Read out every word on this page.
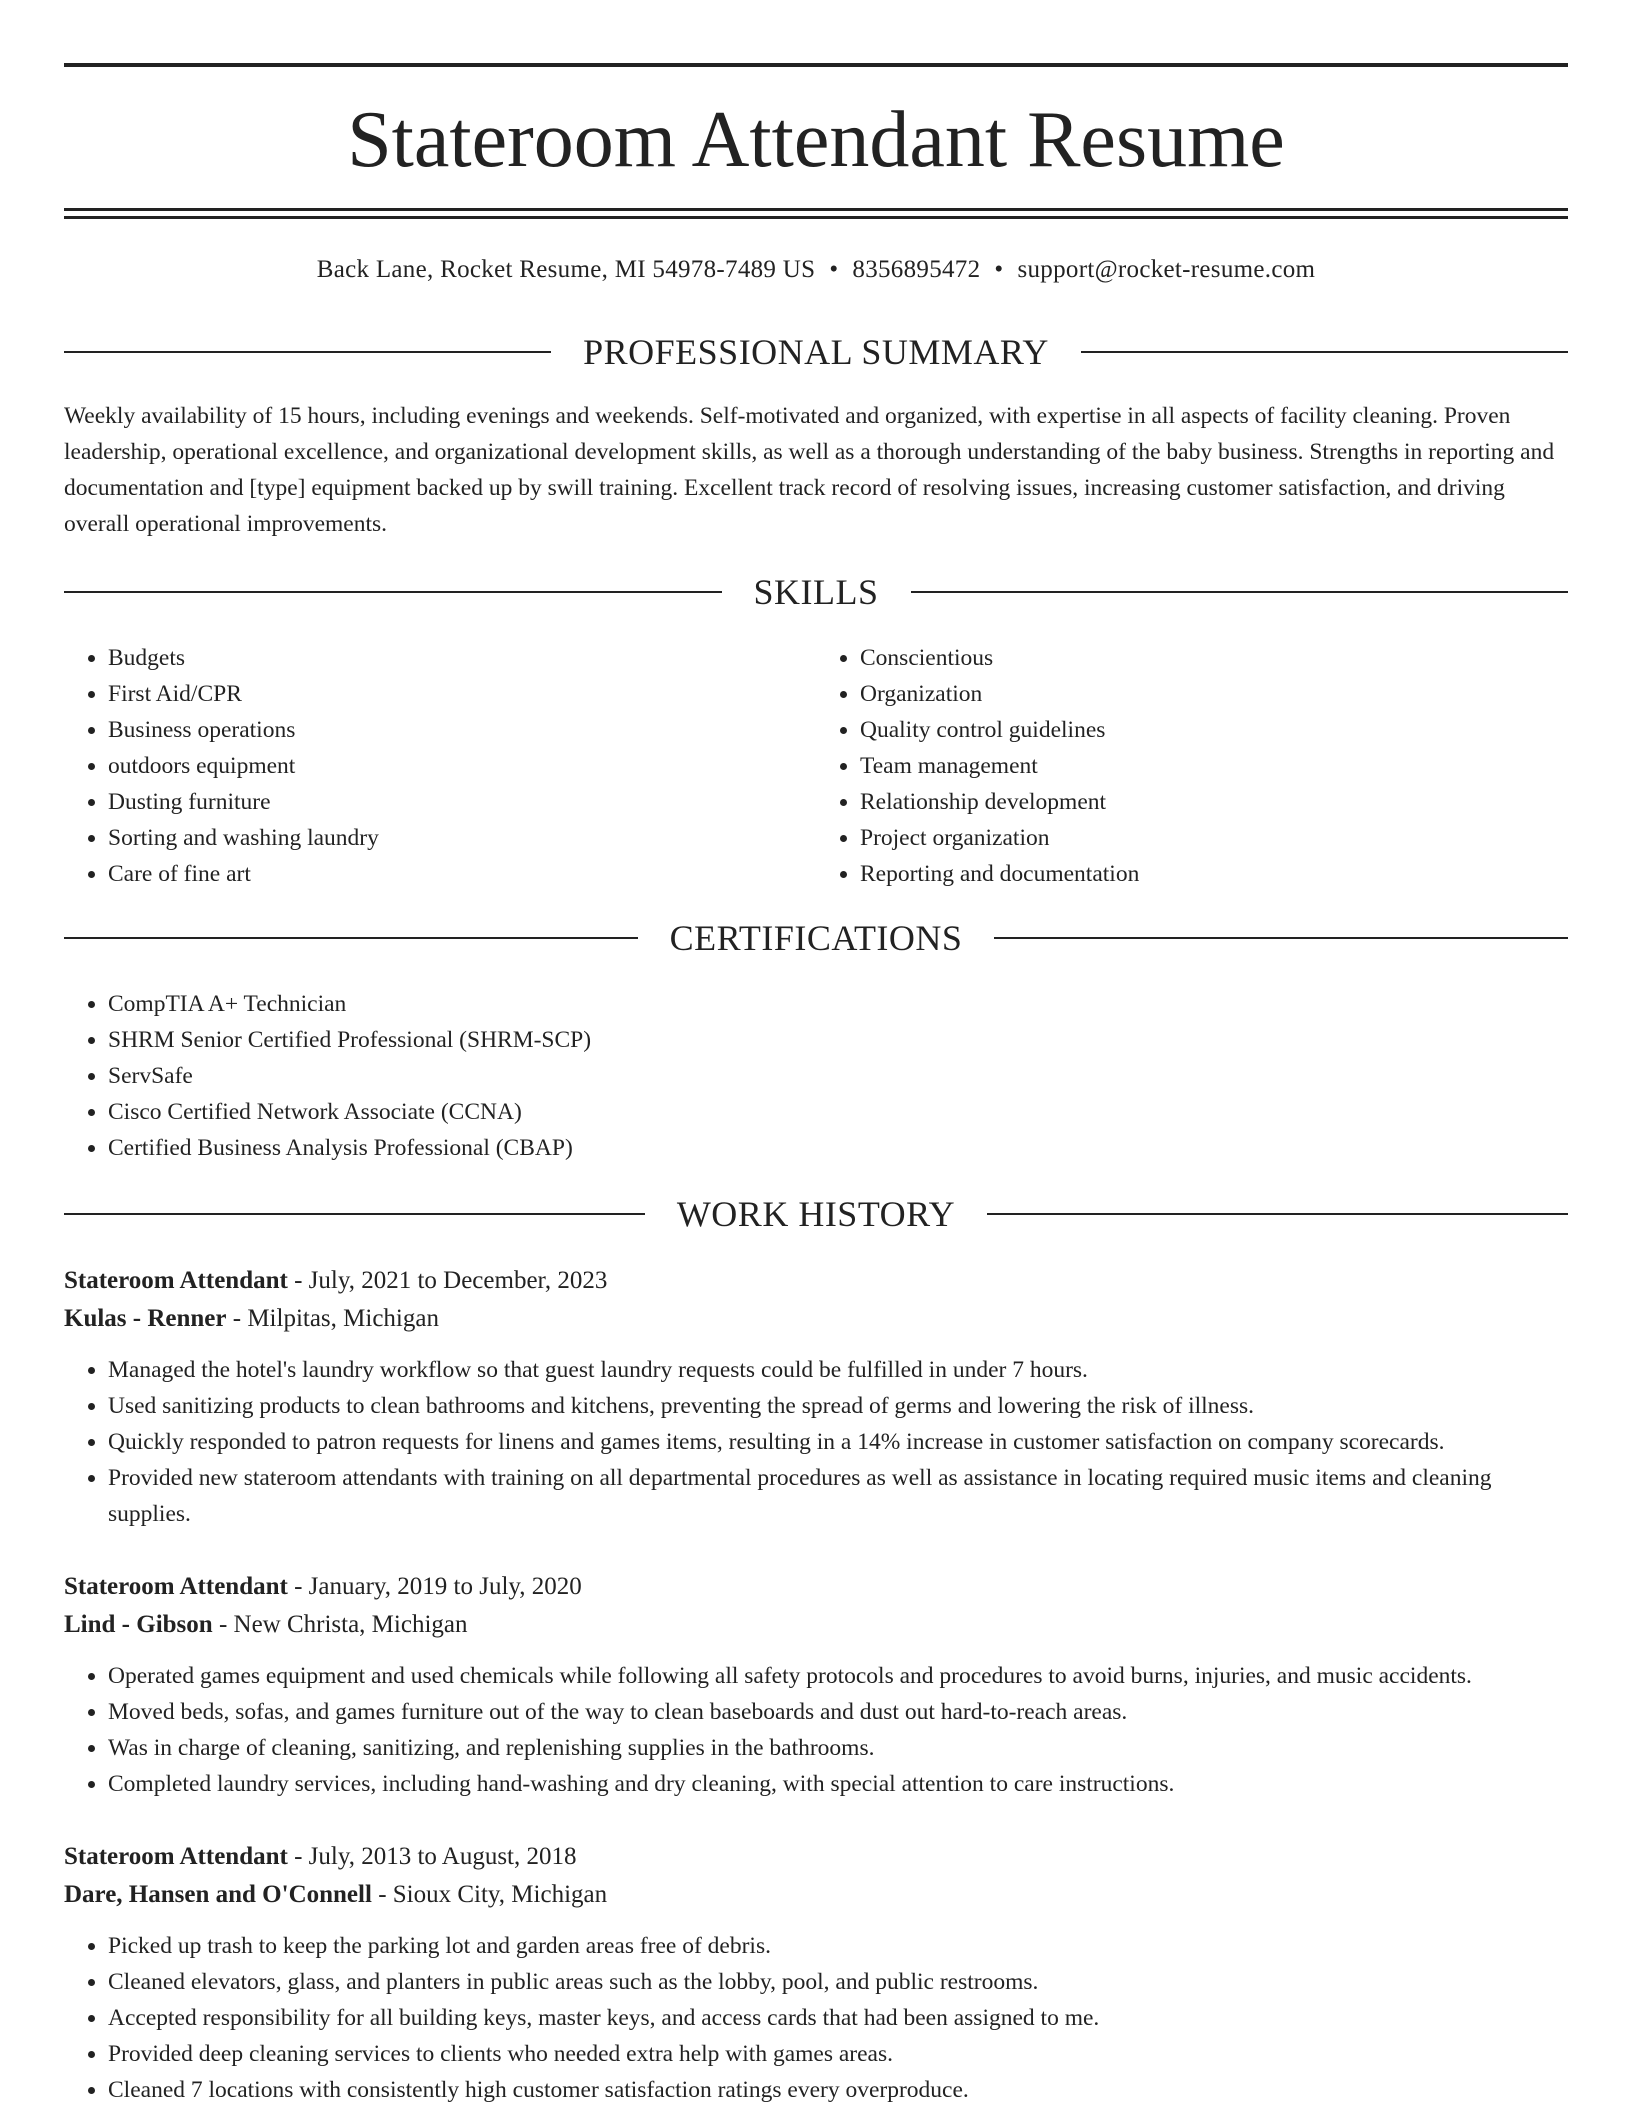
Stateroom Attendant Resume
Back Lane, Rocket Resume, MI 54978-7489 US • 8356895472 • support@rocket-resume.com
PROFESSIONAL SUMMARY

Weekly availability of 15 hours, including evenings and weekends. Self-motivated and organized, with expertise in all aspects of facility cleaning. Proven leadership, operational excellence, and organizational development skills, as well as a thorough understanding of the baby business. Strengths in reporting and documentation and [type] equipment backed up by swill training. Excellent track record of resolving issues, increasing customer satisfaction, and driving overall operational improvements.

SKILLS
• Budgets
• First Aid/CPR
• Business operations
• outdoors equipment
• Dusting furniture
• Sorting and washing laundry
• Care of fine art
• Conscientious
• Organization
• Quality control guidelines
• Team management
• Relationship development
• Project organization
• Reporting and documentation
CERTIFICATIONS
• CompTIA A+ Technician
• SHRM Senior Certified Professional (SHRM-SCP)
• ServSafe
• Cisco Certified Network Associate (CCNA)
• Certified Business Analysis Professional (CBAP)
WORK HISTORY
Stateroom Attendant - July, 2021 to December, 2023
Kulas - Renner - Milpitas, Michigan
• Managed the hotel's laundry workflow so that guest laundry requests could be fulfilled in under 7 hours.
• Used sanitizing products to clean bathrooms and kitchens, preventing the spread of germs and lowering the risk of illness.
• Quickly responded to patron requests for linens and games items, resulting in a 14% increase in customer satisfaction on company scorecards.
• Provided new stateroom attendants with training on all departmental procedures as well as assistance in locating required music items and cleaning supplies.
Stateroom Attendant - January, 2019 to July, 2020
Lind - Gibson - New Christa, Michigan
• Operated games equipment and used chemicals while following all safety protocols and procedures to avoid burns, injuries, and music accidents.
• Moved beds, sofas, and games furniture out of the way to clean baseboards and dust out hard-to-reach areas.
• Was in charge of cleaning, sanitizing, and replenishing supplies in the bathrooms.
• Completed laundry services, including hand-washing and dry cleaning, with special attention to care instructions.
Stateroom Attendant - July, 2013 to August, 2018
Dare, Hansen and O'Connell - Sioux City, Michigan
• Picked up trash to keep the parking lot and garden areas free of debris.
• Cleaned elevators, glass, and planters in public areas such as the lobby, pool, and public restrooms.
• Accepted responsibility for all building keys, master keys, and access cards that had been assigned to me.
• Provided deep cleaning services to clients who needed extra help with games areas.
• Cleaned 7 locations with consistently high customer satisfaction ratings every overproduce.
